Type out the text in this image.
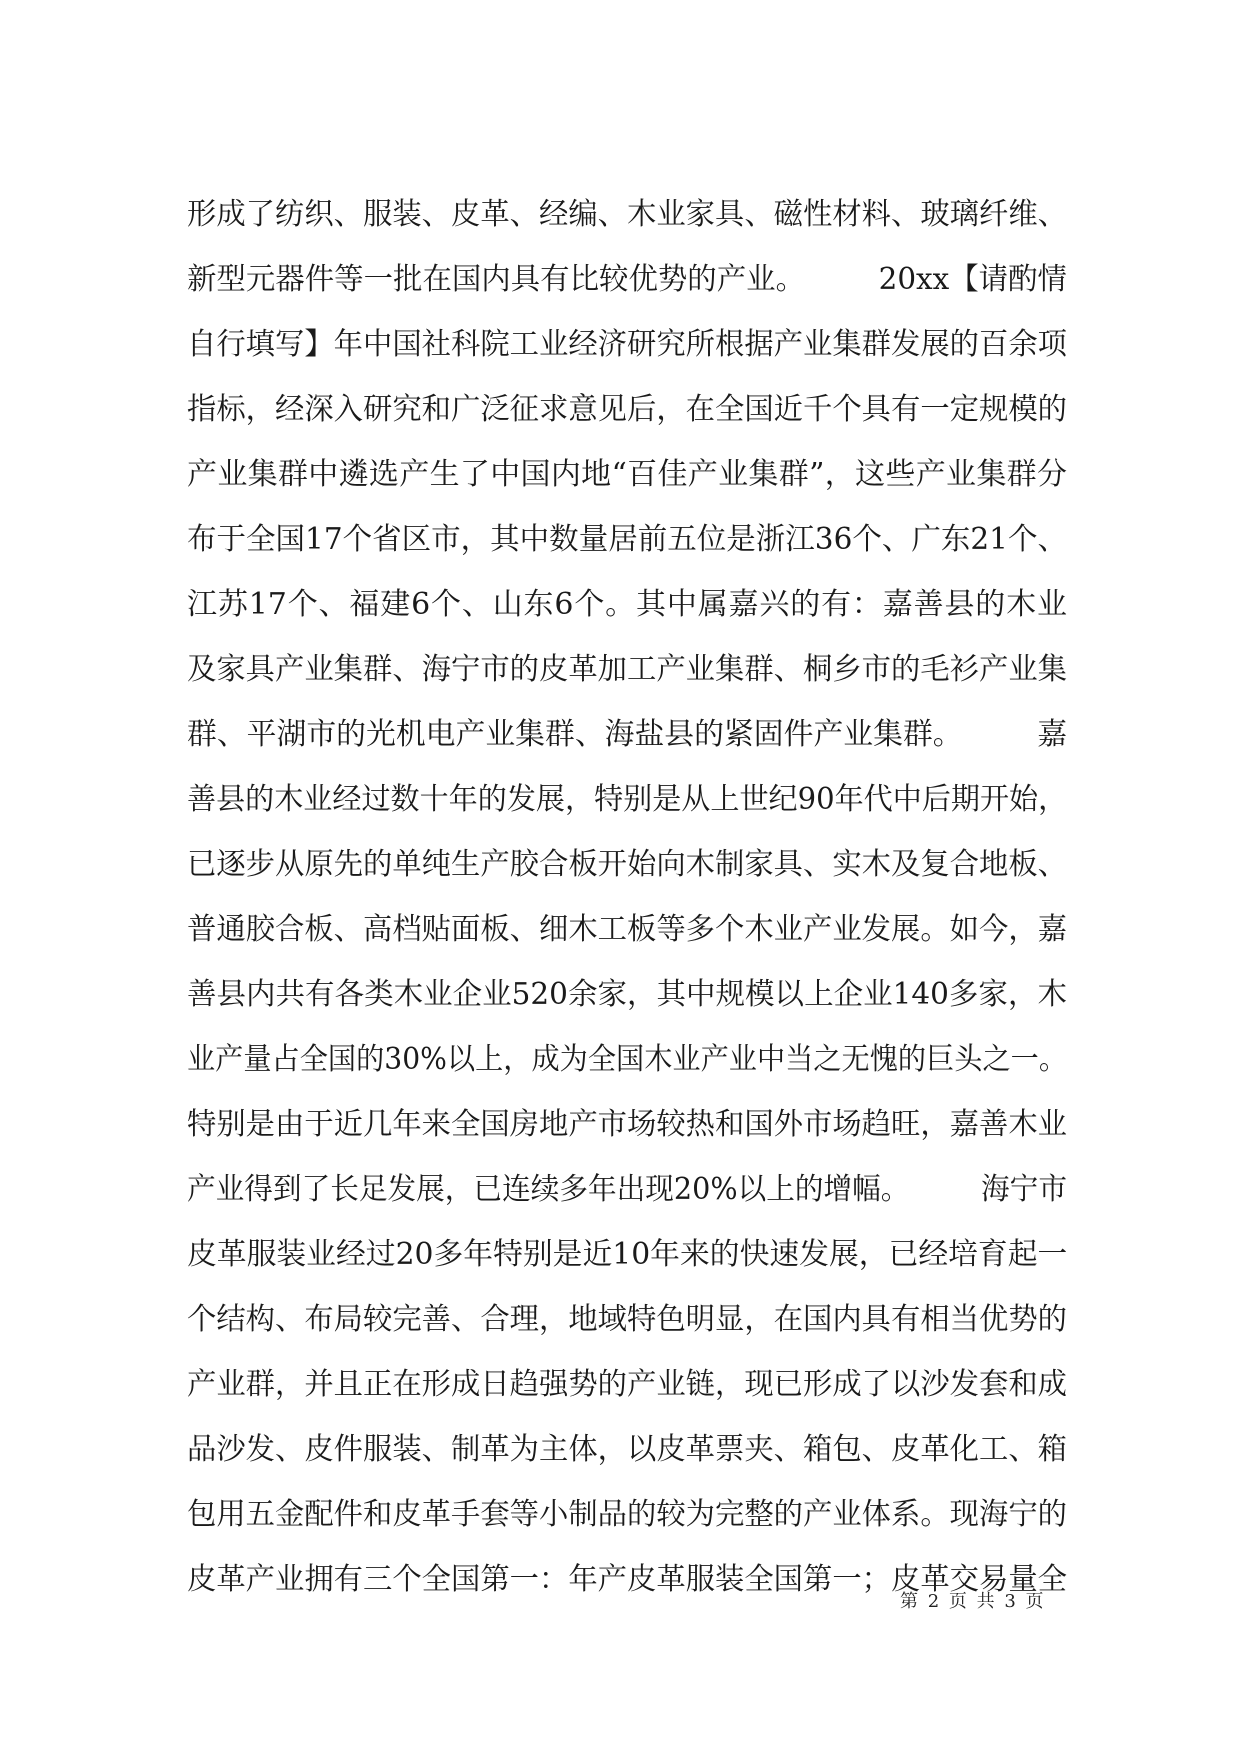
形成了纺织、服装、皮革、经编、木业家具、磁性材料、玻璃纤维、
新型元器件等一批在国内具有比较优势的产业。　　　20xx【请酌情
自行填写】年中国社科院工业经济研究所根据产业集群发展的百余项
指标，经深入研究和广泛征求意见后，在全国近千个具有一定规模的
产业集群中遴选产生了中国内地“百佳产业集群”，这些产业集群分
布于全国17个省区市，其中数量居前五位是浙江36个、广东21个、
江苏17个、福建6个、山东6个。其中属嘉兴的有：嘉善县的木业
及家具产业集群、海宁市的皮革加工产业集群、桐乡市的毛衫产业集
群、平湖市的光机电产业集群、海盐县的紧固件产业集群。　　　嘉
善县的木业经过数十年的发展，特别是从上世纪90年代中后期开始，
已逐步从原先的单纯生产胶合板开始向木制家具、实木及复合地板、
普通胶合板、高档贴面板、细木工板等多个木业产业发展。如今，嘉
善县内共有各类木业企业520余家，其中规模以上企业140多家，木
业产量占全国的30%以上，成为全国木业产业中当之无愧的巨头之一。
特别是由于近几年来全国房地产市场较热和国外市场趋旺，嘉善木业
产业得到了长足发展，已连续多年出现20%以上的增幅。　　　海宁市
皮革服装业经过20多年特别是近10年来的快速发展，已经培育起一
个结构、布局较完善、合理，地域特色明显，在国内具有相当优势的
产业群，并且正在形成日趋强势的产业链，现已形成了以沙发套和成
品沙发、皮件服装、制革为主体，以皮革票夹、箱包、皮革化工、箱
包用五金配件和皮革手套等小制品的较为完整的产业体系。现海宁的
皮革产业拥有三个全国第一：年产皮革服装全国第一；皮革交易量全
第 2 页 共 3 页
